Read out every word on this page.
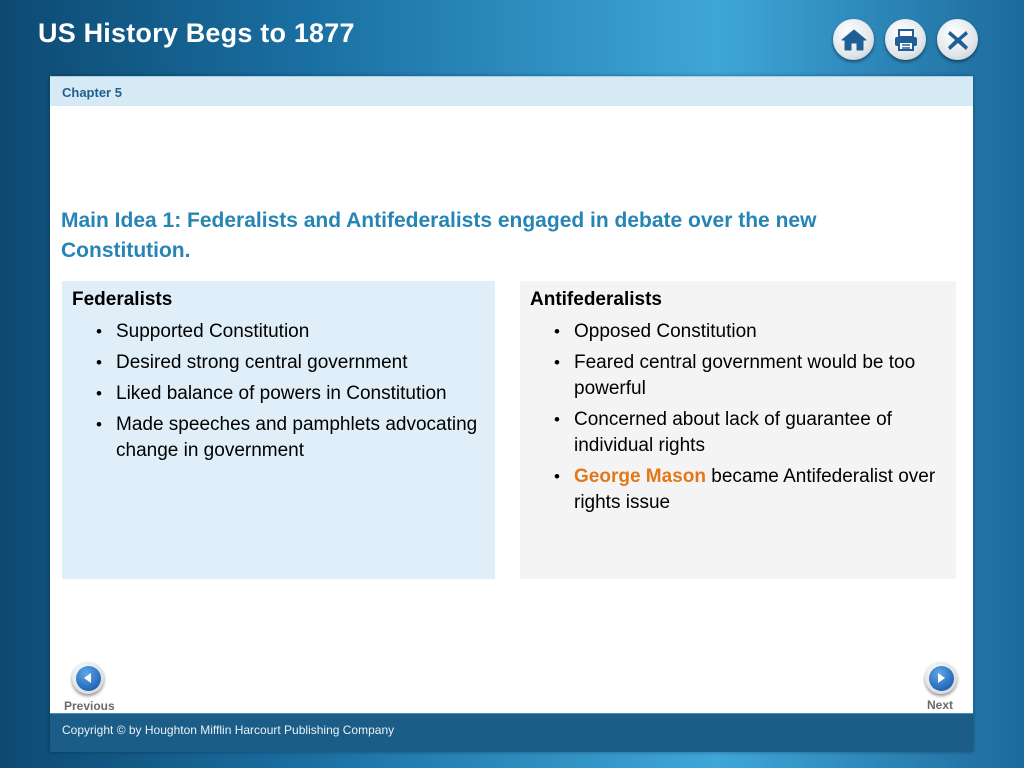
US History Begs to 1877
Chapter 5
Main Idea 1: Federalists and Antifederalists engaged in debate over the new Constitution.
Federalists
• Supported Constitution
• Desired strong central government
• Liked balance of powers in Constitution
• Made speeches and pamphlets advocating change in government
Antifederalists
• Opposed Constitution
• Feared central government would be too powerful
• Concerned about lack of guarantee of individual rights
• George Mason became Antifederalist over rights issue
Previous	Next
Copyright © by Houghton Mifflin Harcourt Publishing Company
